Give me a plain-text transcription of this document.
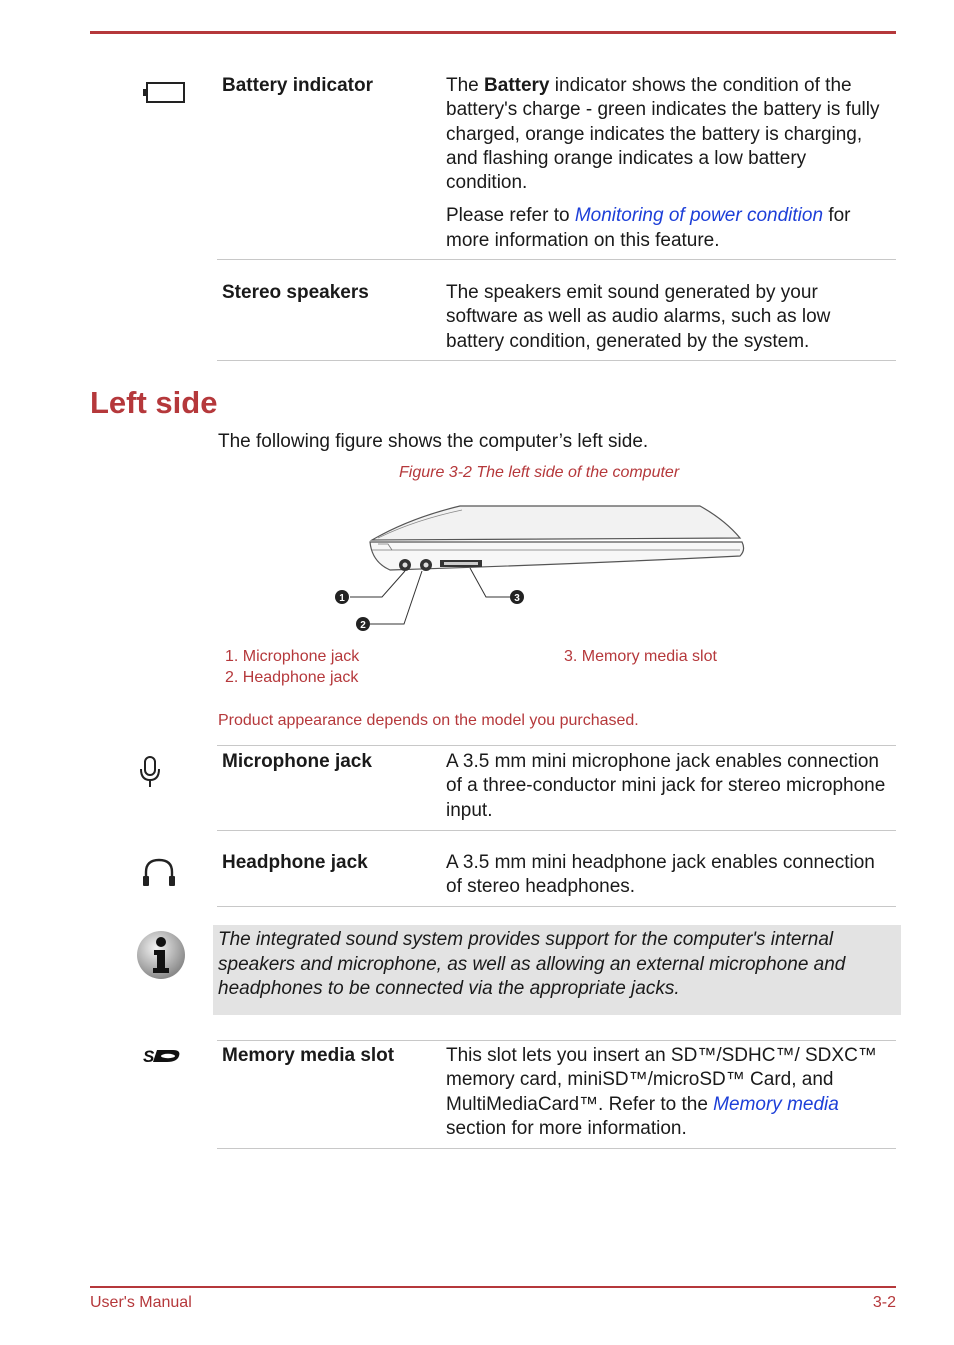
Battery indicator	The Battery indicator shows the condition of the battery's charge - green indicates the battery is fully charged, orange indicates the battery is charging, and flashing orange indicates a low battery condition.

Please refer to Monitoring of power condition for more information on this feature.

Stereo speakers	The speakers emit sound generated by your software as well as audio alarms, such as low battery condition, generated by the system.
Left side
The following figure shows the computer’s left side.
Figure 3-2 The left side of the computer
1
2
3
1. Microphone jack
2. Headphone jack
3. Memory media slot
Product appearance depends on the model you purchased.
Microphone jack	A 3.5 mm mini microphone jack enables connection of a three-conductor mini jack for stereo microphone input.
Headphone jack	A 3.5 mm mini headphone jack enables connection of stereo headphones.
The integrated sound system provides support for the computer's internal speakers and microphone, as well as allowing an external microphone and headphones to be connected via the appropriate jacks.
S	Memory media slot	This slot lets you insert an SD™/SDHC™/ SDXC™ memory card, miniSD™/microSD™ Card, and MultiMediaCard™. Refer to the Memory media section for more information.

User's Manual	3-2
